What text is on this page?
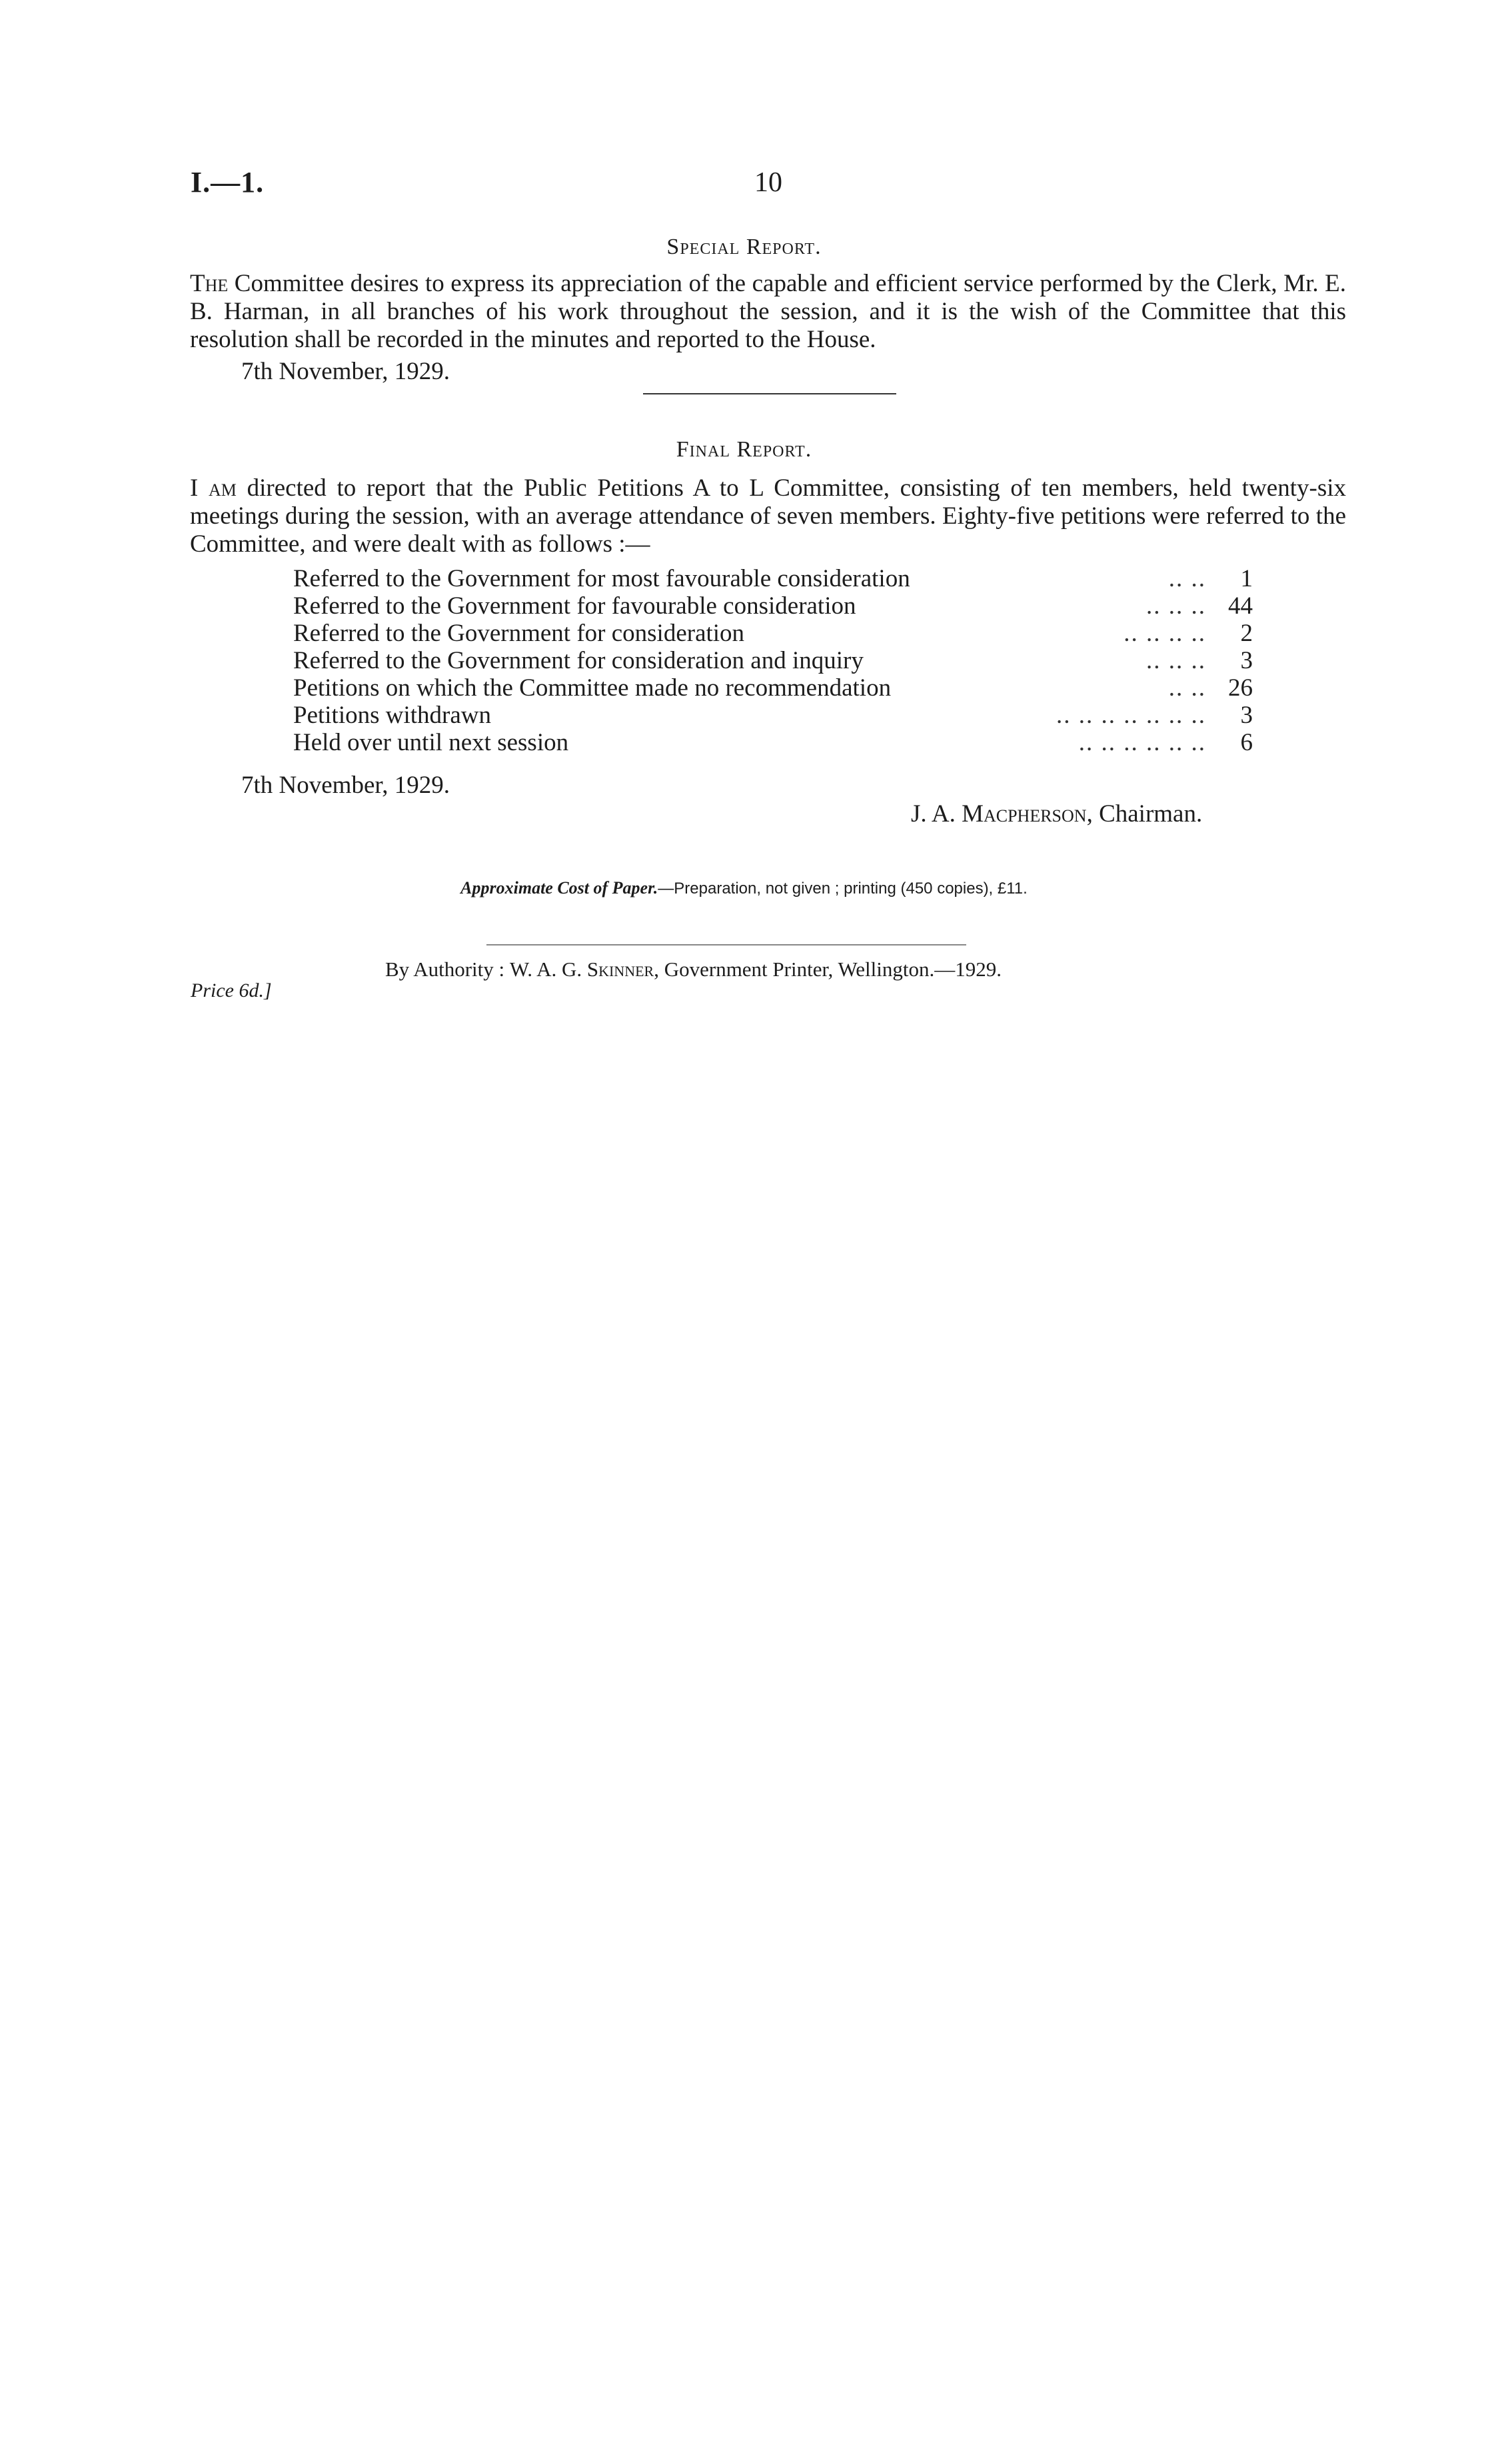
I.—1.	10
Special Report.
The Committee desires to express its appreciation of the capable and efficient service performed by the Clerk, Mr. E. B. Harman, in all branches of his work throughout the session, and it is the wish of the Committee that this resolution shall be recorded in the minutes and reported to the House.
7th November, 1929.
Final Report.
I am directed to report that the Public Petitions A to L Committee, consisting of ten members, held twenty-six meetings during the session, with an average attendance of seven members. Eighty-five petitions were referred to the Committee, and were dealt with as follows :—
Referred to the Government for most favourable consideration	.. ..	1
Referred to the Government for favourable consideration	.. .. ..	44
Referred to the Government for consideration	.. .. .. ..	2
Referred to the Government for consideration and inquiry	.. .. ..	3
Petitions on which the Committee made no recommendation	.. ..	26
Petitions withdrawn	.. .. .. .. .. .. ..	3
Held over until next session	.. .. .. .. .. ..	6
7th November, 1929.
J. A. Macpherson, Chairman.
Approximate Cost of Paper.—Preparation, not given ; printing (450 copies), £11.
By Authority : W. A. G. Skinner, Government Printer, Wellington.—1929.
Price 6d.]
